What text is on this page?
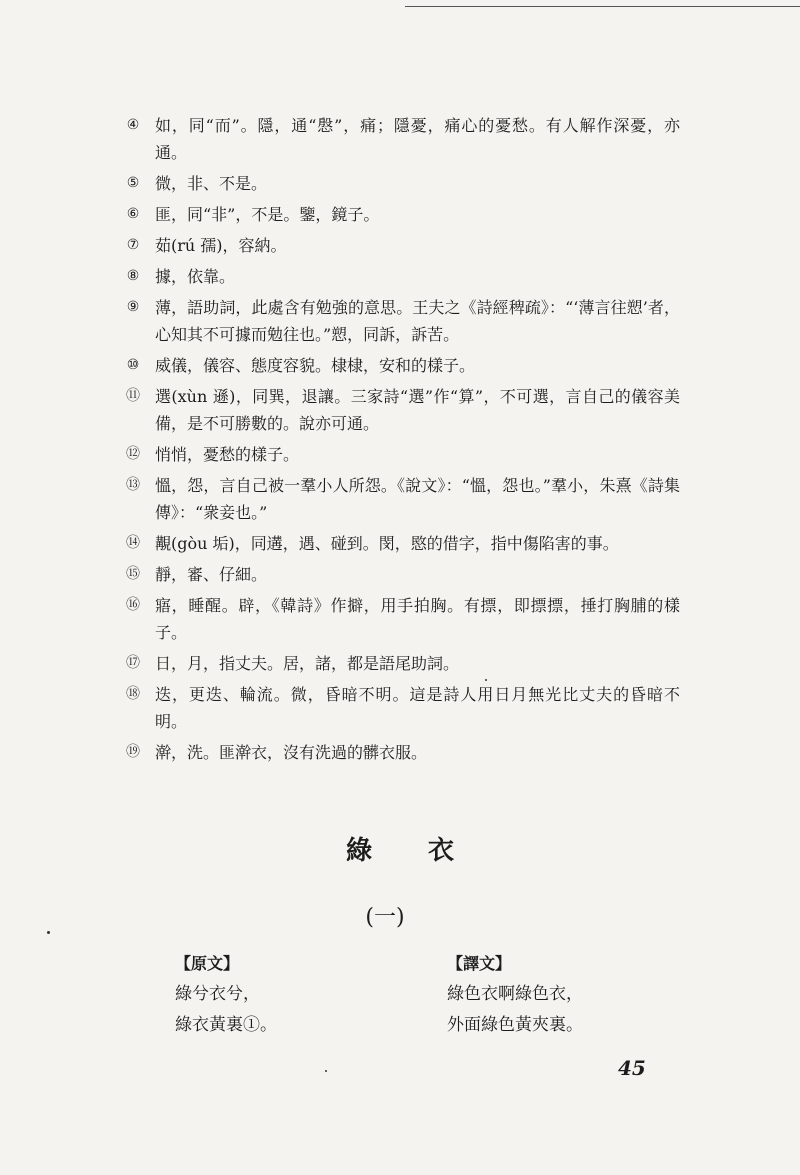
④ 如，同“而”。隱，通“慇”，痛；隱憂，痛心的憂愁。有人解作深憂，亦通。
⑤ 微，非、不是。
⑥ 匪，同“非”，不是。鑒，鏡子。
⑦ 茹(rú 孺)，容納。
⑧ 據，依靠。
⑨ 薄，語助詞，此處含有勉強的意思。王夫之《詩經稗疏》：“‘薄言往愬’者，心知其不可據而勉往也。”愬，同訴，訴苦。
⑩ 威儀，儀容、態度容貌。棣棣，安和的樣子。
⑪ 選(xùn 遜)，同巽，退讓。三家詩“選”作“算”，不可選，言自己的儀容美備，是不可勝數的。說亦可通。
⑫ 悄悄，憂愁的樣子。
⑬ 慍，怨，言自己被一羣小人所怨。《說文》：“慍，怨也。”羣小，朱熹《詩集傳》：“衆妾也。”
⑭ 覯(gòu 垢)，同遘，遇、碰到。閔，愍的借字，指中傷陷害的事。
⑮ 靜，審、仔細。
⑯ 寤，睡醒。辟，《韓詩》作擗，用手拍胸。有摽，即摽摽，捶打胸脯的樣子。
⑰ 日，月，指丈夫。居，諸，都是語尾助詞。
⑱ 迭，更迭、輪流。微，昏暗不明。這是詩人用日月無光比丈夫的昏暗不明。
⑲ 澣，洗。匪澣衣，沒有洗過的髒衣服。
綠衣
(一)
【原文】
綠兮衣兮，
綠衣黃裏①。
【譯文】
綠色衣啊綠色衣，
外面綠色黃夾裏。
45
